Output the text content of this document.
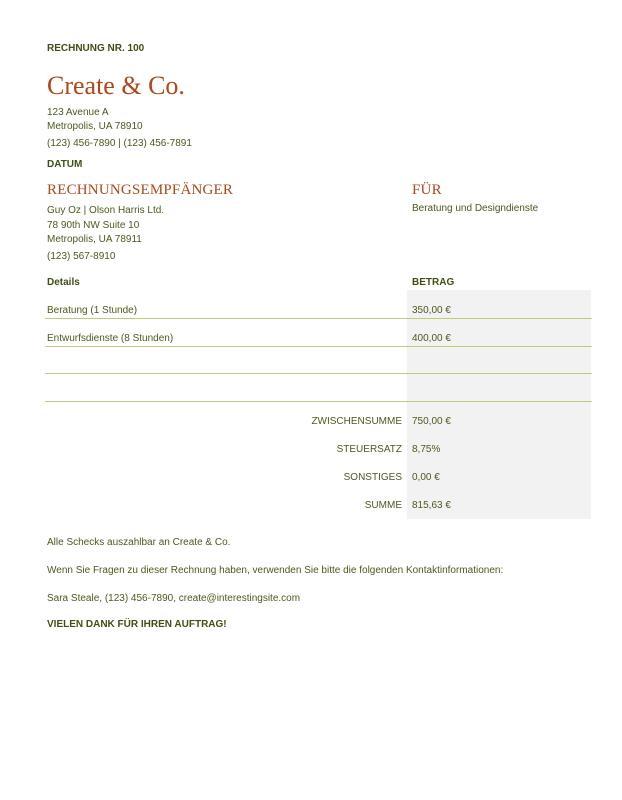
RECHNUNG NR. 100
Create & Co.
123 Avenue A
Metropolis, UA 78910
(123) 456-7890 | (123) 456-7891
DATUM
RECHNUNGSEMPFÄNGER
Guy Oz | Olson Harris Ltd.
78 90th NW Suite 10
Metropolis, UA 78911
(123) 567-8910
FÜR
Beratung und Designdienste
Details	BETRAG
Beratung (1 Stunde)	350,00 €
Entwurfsdienste (8 Stunden)	400,00 €
ZWISCHENSUMME 750,00 €
STEUERSATZ 8,75%
SONSTIGES 0,00 €
SUMME 815,63 €
Alle Schecks auszahlbar an Create & Co.
Wenn Sie Fragen zu dieser Rechnung haben, verwenden Sie bitte die folgenden Kontaktinformationen:
Sara Steale, (123) 456-7890, create@interestingsite.com
VIELEN DANK FÜR IHREN AUFTRAG!
